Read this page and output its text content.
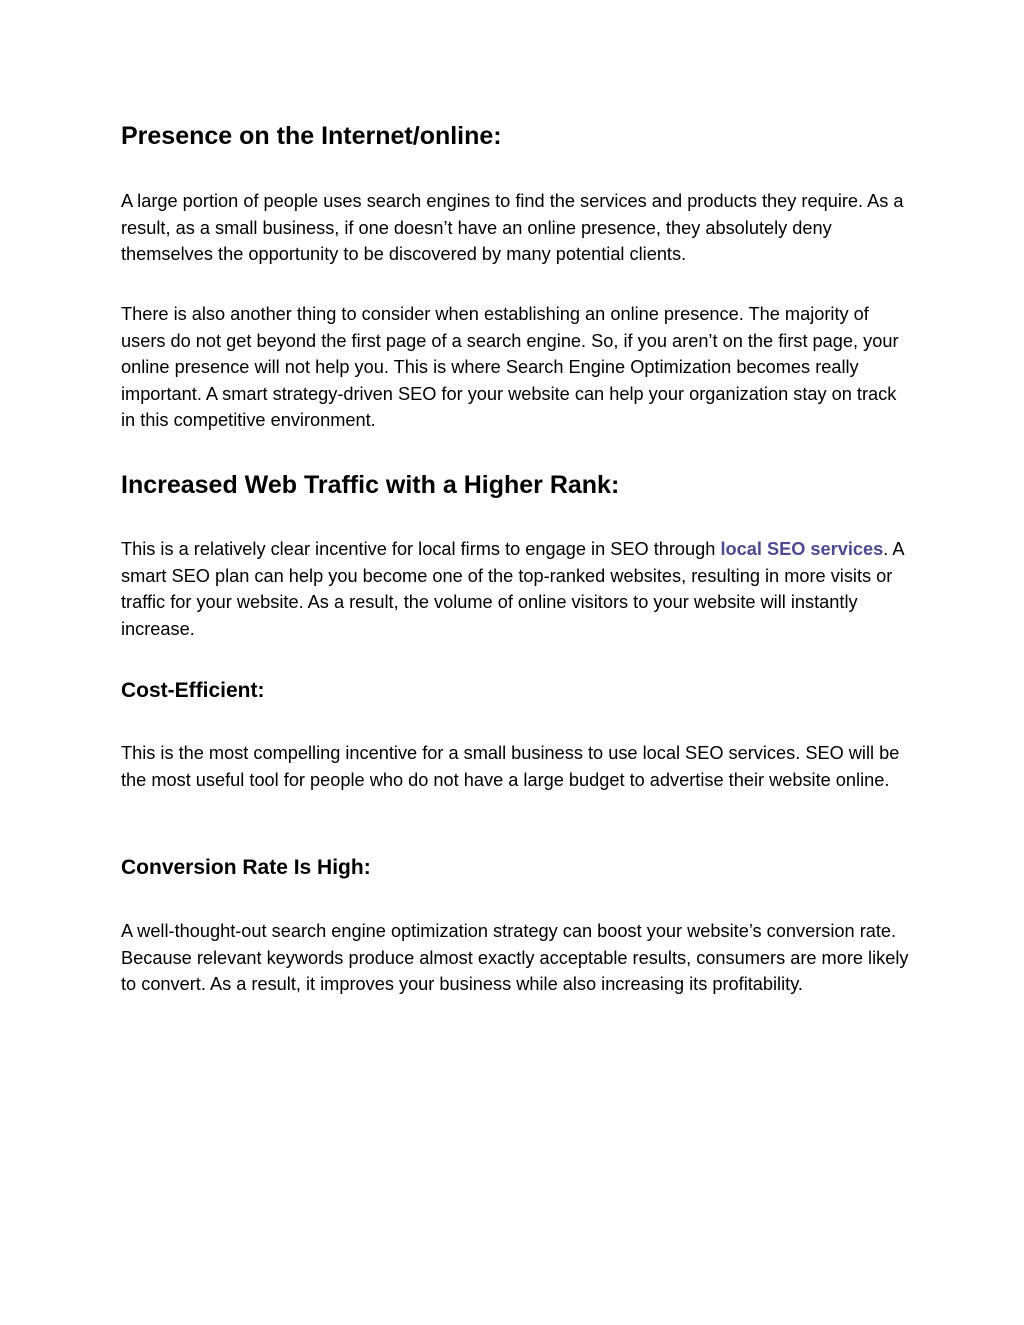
Presence on the Internet/online:

A large portion of people uses search engines to find the services and products they require. As a result, as a small business, if one doesn’t have an online presence, they absolutely deny themselves the opportunity to be discovered by many potential clients.

There is also another thing to consider when establishing an online presence. The majority of users do not get beyond the first page of a search engine. So, if you aren’t on the first page, your online presence will not help you. This is where Search Engine Optimization becomes really important. A smart strategy-driven SEO for your website can help your organization stay on track in this competitive environment.

Increased Web Traffic with a Higher Rank:

This is a relatively clear incentive for local firms to engage in SEO through local SEO services. A smart SEO plan can help you become one of the top-ranked websites, resulting in more visits or traffic for your website. As a result, the volume of online visitors to your website will instantly increase.

Cost-Efficient:

This is the most compelling incentive for a small business to use local SEO services. SEO will be the most useful tool for people who do not have a large budget to advertise their website online.

Conversion Rate Is High:

A well-thought-out search engine optimization strategy can boost your website’s conversion rate. Because relevant keywords produce almost exactly acceptable results, consumers are more likely to convert. As a result, it improves your business while also increasing its profitability.
